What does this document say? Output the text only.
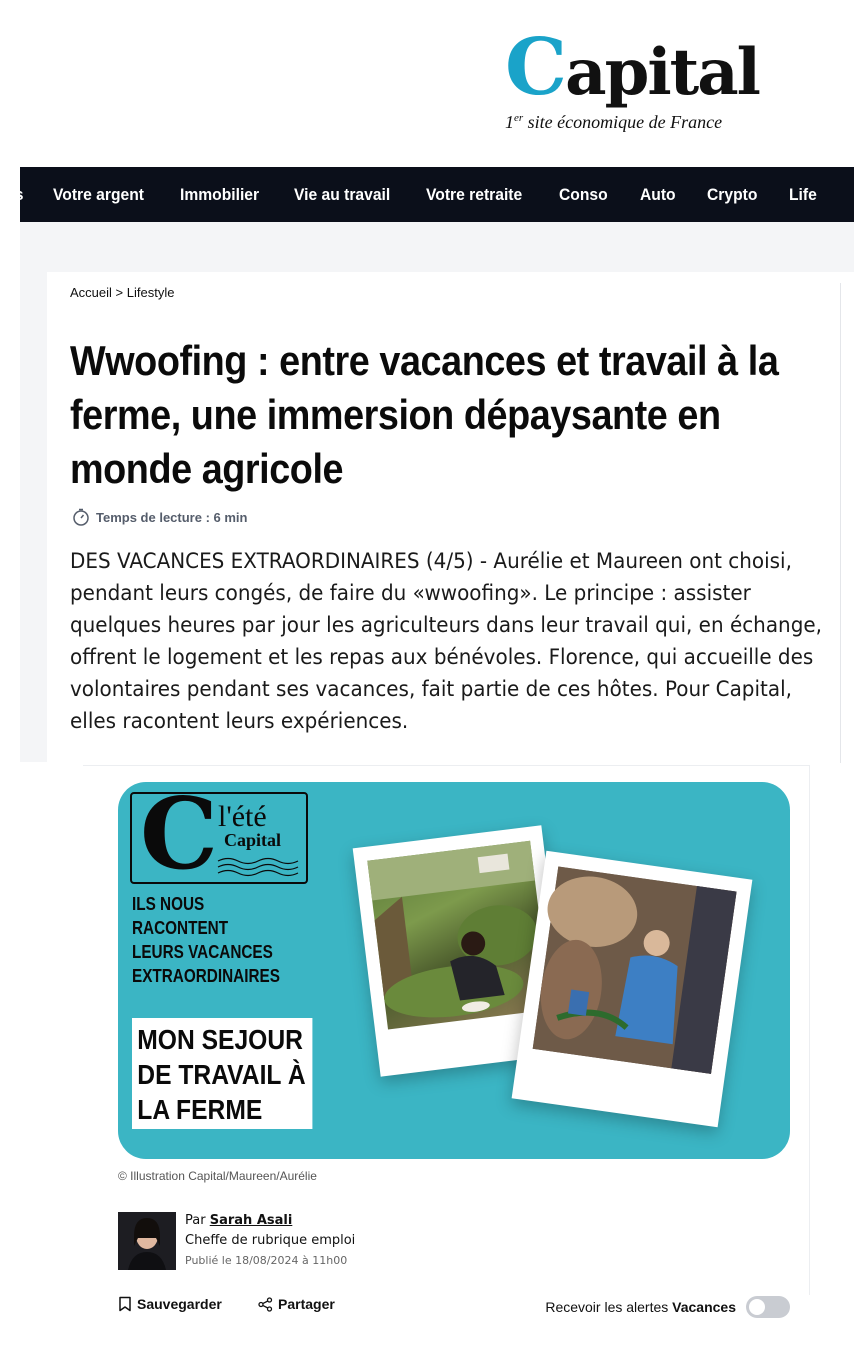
Capital
1er site économique de France
ss Votre argent Immobilier Vie au travail Votre retraite Conso Auto Crypto Life
Accueil > Lifestyle
Wwoofing : entre vacances et travail à la ferme, une immersion dépaysante en monde agricole
Temps de lecture : 6 min

DES VACANCES EXTRAORDINAIRES (4/5) - Aurélie et Maureen ont choisi, pendant leurs congés, de faire du «wwoofing». Le principe : assister quelques heures par jour les agriculteurs dans leur travail qui, en échange, offrent le logement et les repas aux bénévoles. Florence, qui accueille des volontaires pendant ses vacances, fait partie de ces hôtes. Pour Capital, elles racontent leurs expériences.

C l'été
Capital
ILS NOUS
RACONTENT
LEURS VACANCES
EXTRAORDINAIRES
MON SEJOUR
DE TRAVAIL À
LA FERME
© Illustration Capital/Maureen/Aurélie
Par Sarah Asali
Cheffe de rubrique emploi
Publié le 18/08/2024 à 11h00
Sauvegarder	Partager	Recevoir les alertes Vacances
